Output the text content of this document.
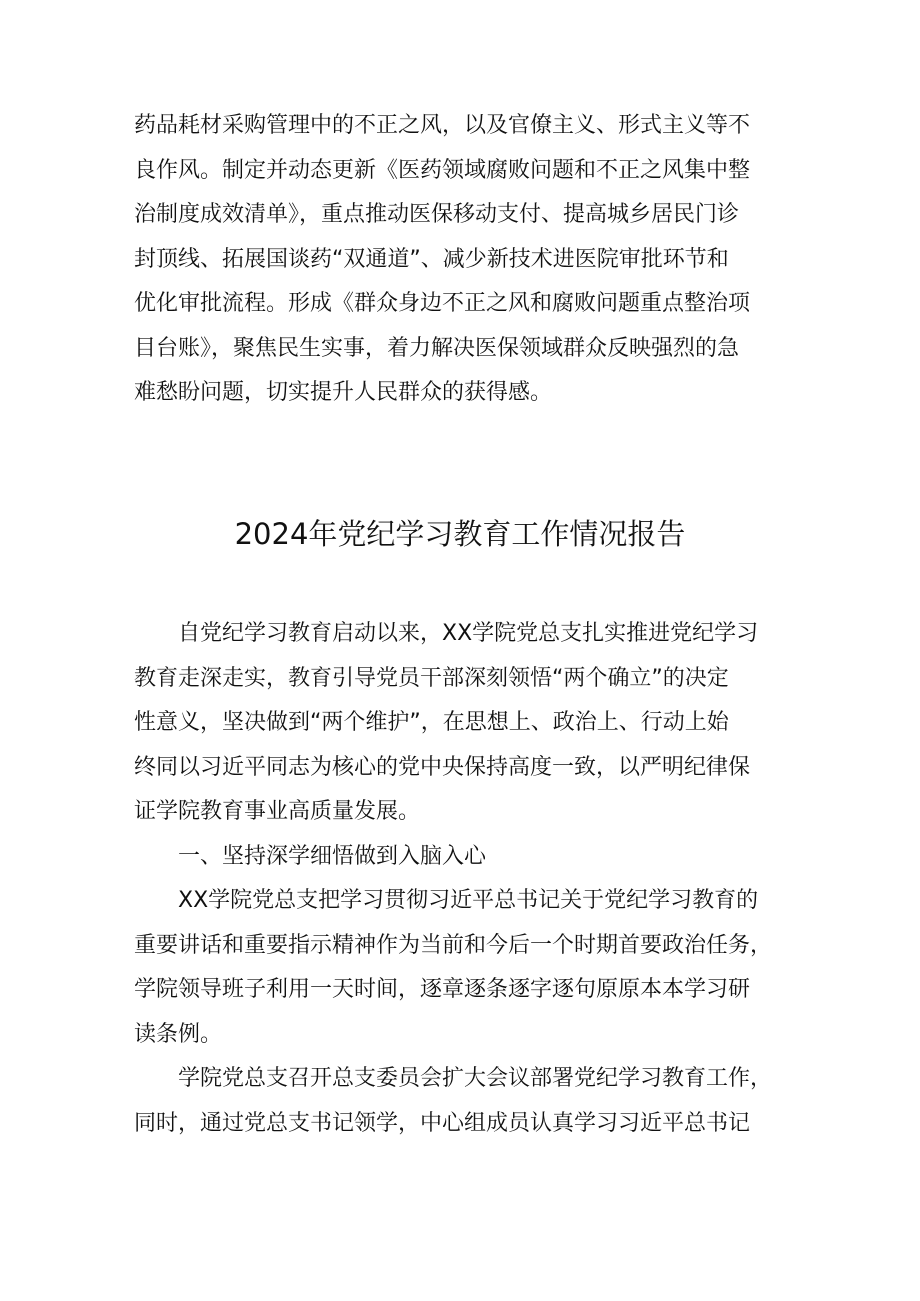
药品耗材采购管理中的不正之风，以及官僚主义、形式主义等不
良作风。制定并动态更新《医药领域腐败问题和不正之风集中整
治制度成效清单》，重点推动医保移动支付、提高城乡居民门诊
封顶线、拓展国谈药“双通道”、减少新技术进医院审批环节和
优化审批流程。形成《群众身边不正之风和腐败问题重点整治项
目台账》，聚焦民生实事，着力解决医保领域群众反映强烈的急
难愁盼问题，切实提升人民群众的获得感。
2024年党纪学习教育工作情况报告
　　自党纪学习教育启动以来，XX学院党总支扎实推进党纪学习
教育走深走实，教育引导党员干部深刻领悟“两个确立”的决定
性意义，坚决做到“两个维护”，在思想上、政治上、行动上始
终同以习近平同志为核心的党中央保持高度一致，以严明纪律保
证学院教育事业高质量发展。
　　一、坚持深学细悟做到入脑入心
　　XX学院党总支把学习贯彻习近平总书记关于党纪学习教育的
重要讲话和重要指示精神作为当前和今后一个时期首要政治任务，
学院领导班子利用一天时间，逐章逐条逐字逐句原原本本学习研
读条例。
　　学院党总支召开总支委员会扩大会议部署党纪学习教育工作，
同时，通过党总支书记领学，中心组成员认真学习习近平总书记
